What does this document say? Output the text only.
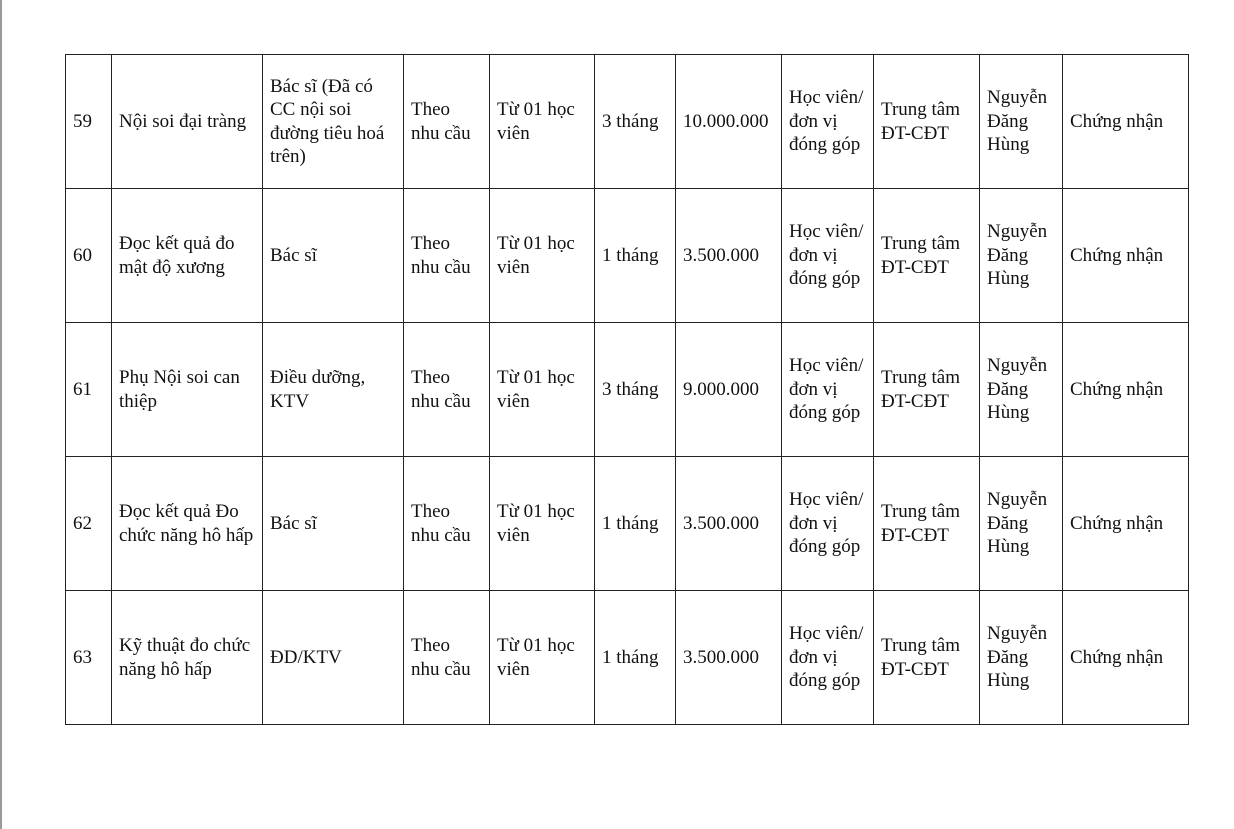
59	Nội soi đại tràng	Bác sĩ (Đã có CC nội soi đường tiêu hoá trên)	Theo nhu cầu	Từ 01 học viên	3 tháng	10.000.000	Học viên/ đơn vị đóng góp	Trung tâm ĐT-CĐT	Nguyễn Đăng Hùng	Chứng nhận
60	Đọc kết quả đo mật độ xương	Bác sĩ	Theo nhu cầu	Từ 01 học viên	1 tháng	3.500.000	Học viên/ đơn vị đóng góp	Trung tâm ĐT-CĐT	Nguyễn Đăng Hùng	Chứng nhận
61	Phụ Nội soi can thiệp	Điều dưỡng, KTV	Theo nhu cầu	Từ 01 học viên	3 tháng	9.000.000	Học viên/ đơn vị đóng góp	Trung tâm ĐT-CĐT	Nguyễn Đăng Hùng	Chứng nhận
62	Đọc kết quả Đo chức năng hô hấp	Bác sĩ	Theo nhu cầu	Từ 01 học viên	1 tháng	3.500.000	Học viên/ đơn vị đóng góp	Trung tâm ĐT-CĐT	Nguyễn Đăng Hùng	Chứng nhận
63	Kỹ thuật đo chức năng hô hấp	ĐD/KTV	Theo nhu cầu	Từ 01 học viên	1 tháng	3.500.000	Học viên/ đơn vị đóng góp	Trung tâm ĐT-CĐT	Nguyễn Đăng Hùng	Chứng nhận
